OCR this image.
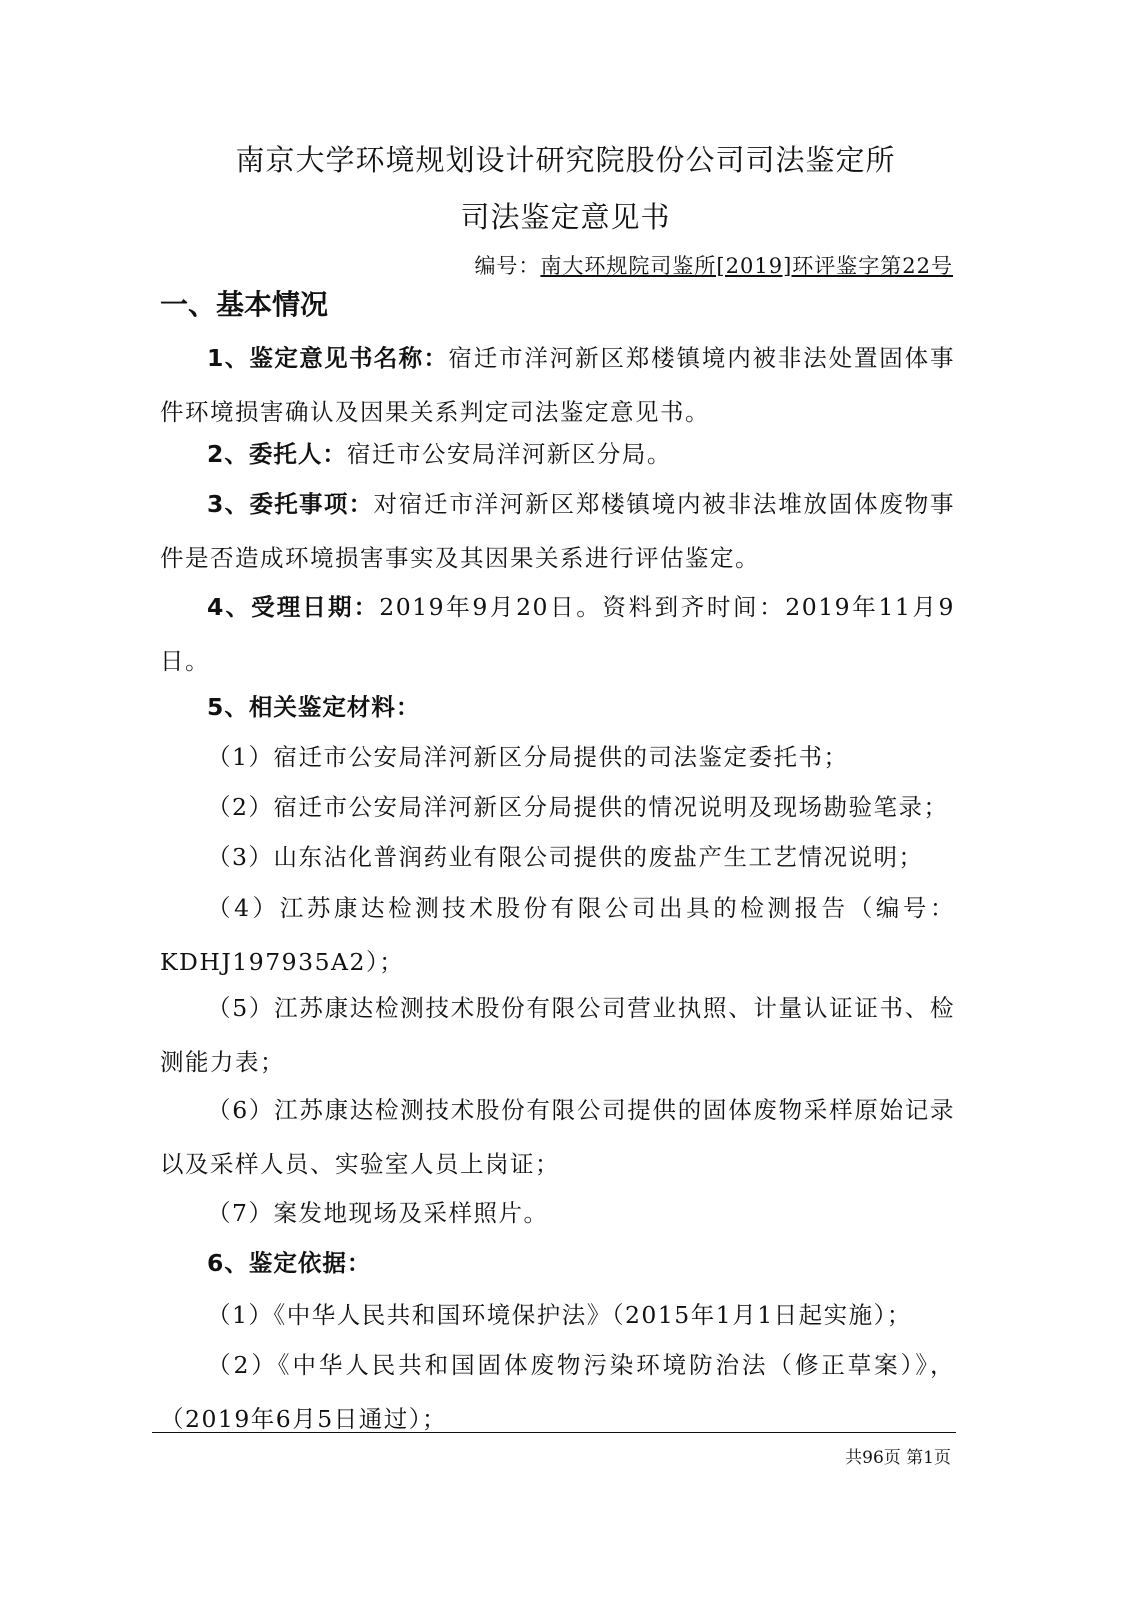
南京大学环境规划设计研究院股份公司司法鉴定所
司法鉴定意见书
编号：南大环规院司鉴所[2019]环评鉴字第22号
一、基本情况
1、鉴定意见书名称：宿迁市洋河新区郑楼镇境内被非法处置固体事件环境损害确认及因果关系判定司法鉴定意见书。
2、委托人：宿迁市公安局洋河新区分局。
3、委托事项：对宿迁市洋河新区郑楼镇境内被非法堆放固体废物事件是否造成环境损害事实及其因果关系进行评估鉴定。
4、受理日期：2019年9月20日。资料到齐时间：2019年11月9日。
5、相关鉴定材料：
（1）宿迁市公安局洋河新区分局提供的司法鉴定委托书；
（2）宿迁市公安局洋河新区分局提供的情况说明及现场勘验笔录；
（3）山东沾化普润药业有限公司提供的废盐产生工艺情况说明；
（4）江苏康达检测技术股份有限公司出具的检测报告（编号：KDHJ197935A2）；
（5）江苏康达检测技术股份有限公司营业执照、计量认证证书、检测能力表；
（6）江苏康达检测技术股份有限公司提供的固体废物采样原始记录以及采样人员、实验室人员上岗证；
（7）案发地现场及采样照片。
6、鉴定依据：
（1）《中华人民共和国环境保护法》（2015年1月1日起实施）；
（2）《中华人民共和国固体废物污染环境防治法（修正草案）》，（2019年6月5日通过）；
共96页 第1页
